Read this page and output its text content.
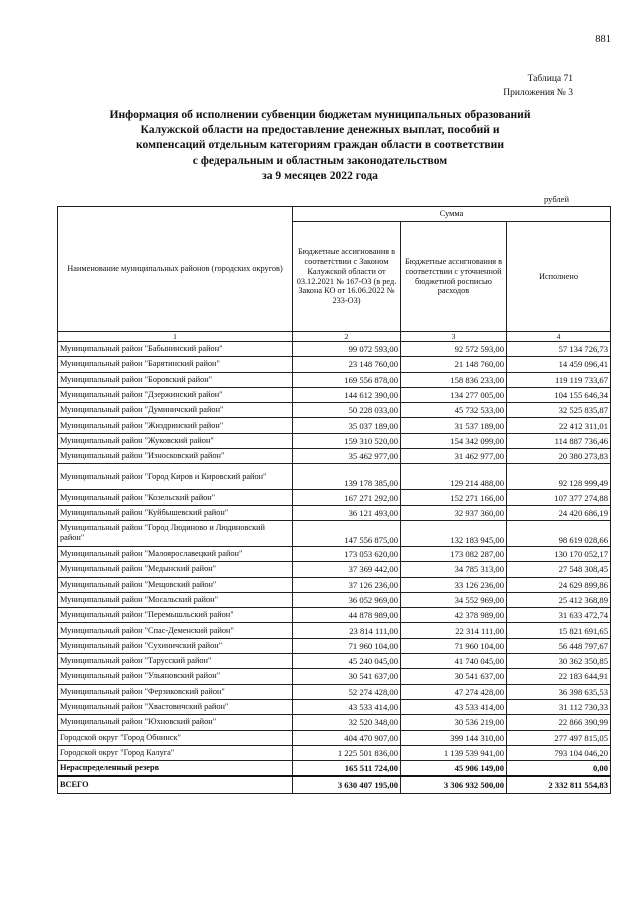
881
Таблица 71
Приложения № 3
Информация об исполнении субвенции бюджетам муниципальных образований
Калужской области на предоставление денежных выплат, пособий и
компенсаций отдельным категориям граждан области в соответствии
с федеральным и областным законодательством
за 9 месяцев 2022 года
рублей
Наименование муниципальных районов (городских округов)	Сумма		
	Бюджетные ассигнования в соответствии с Законом Калужской области от 03.12.2021 № 167-ОЗ (в ред. Закона КО от 16.06.2022 № 233-ОЗ)	Бюджетные ассигнования в соответствии с уточненной бюджетной росписью расходов	Исполнено
1	2	3	4
Муниципальный район "Бабынинский район"	99 072 593,00	92 572 593,00	57 134 726,73
Муниципальный район "Барятинский район"	23 148 760,00	21 148 760,00	14 459 096,41
Муниципальный район "Боровский район"	169 556 878,00	158 836 233,00	119 119 733,67
Муниципальный район "Дзержинский район"	144 612 390,00	134 277 005,00	104 155 646,34
Муниципальный район "Думиничский район"	50 228 033,00	45 732 533,00	32 525 835,87
Муниципальный район "Жиздринский район"	35 037 189,00	31 537 189,00	22 412 311,01
Муниципальный район "Жуковский район"	159 310 520,00	154 342 099,00	114 887 736,46
Муниципальный район "Износковский район"	35 462 977,00	31 462 977,00	20 380 273,83
Муниципальный район "Город Киров и Кировский район"	139 178 385,00	129 214 488,00	92 128 999,49
Муниципальный район "Козельский район"	167 271 292,00	152 271 166,00	107 377 274,88
Муниципальный район "Куйбышевский район"	36 121 493,00	32 937 360,00	24 420 686,19
Муниципальный район "Город Людиново и Людиновский район"	147 556 875,00	132 183 945,00	98 619 028,66
Муниципальный район "Малоярославецкий район"	173 053 620,00	173 082 287,00	130 170 052,17
Муниципальный район "Медынский район"	37 369 442,00	34 785 313,00	27 548 308,45
Муниципальный район "Мещовский район"	37 126 236,00	33 126 236,00	24 629 899,86
Муниципальный район "Мосальский район"	36 052 969,00	34 552 969,00	25 412 368,89
Муниципальный район "Перемышльский район"	44 878 989,00	42 378 989,00	31 633 472,74
Муниципальный район "Спас-Деменский район"	23 814 111,00	22 314 111,00	15 821 691,65
Муниципальный район "Сухиничский район"	71 960 104,00	71 960 104,00	56 448 797,67
Муниципальный район "Тарусский район"	45 240 045,00	41 740 045,00	30 362 350,85
Муниципальный район "Ульяновский район"	30 541 637,00	30 541 637,00	22 183 644,91
Муниципальный район "Ферзиковский район"	52 274 428,00	47 274 428,00	36 398 635,53
Муниципальный район "Хвастовичский район"	43 533 414,00	43 533 414,00	31 112 730,33
Муниципальный район "Юхновский район"	32 520 348,00	30 536 219,00	22 866 390,99
Городской округ "Город Обнинск"	404 470 907,00	399 144 310,00	277 497 815,05
Городской округ "Город Калуга"	1 225 501 836,00	1 139 539 941,00	793 104 046,20
Нераспределенный резерв	165 511 724,00	45 906 149,00	0,00
ВСЕГО	3 630 407 195,00	3 306 932 500,00	2 332 811 554,83
